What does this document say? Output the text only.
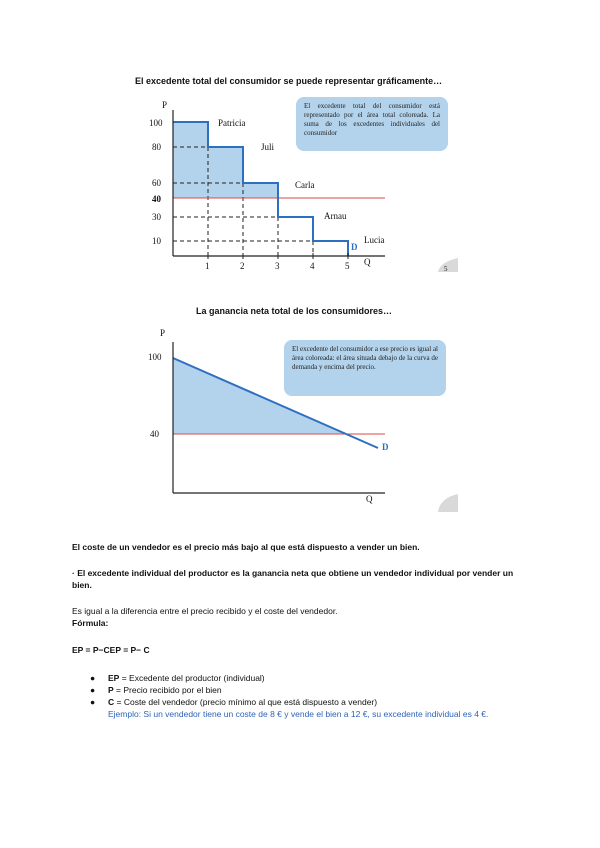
El excedente total del consumidor se puede representar gráficamente…
P
100
80
60
40
30
10
1	2	3	4	5 Q
Patricia
Juli
Carla
Arnau
Lucia
D
El excedente total del consumidor está representado por el área total coloreada. La suma de los excedentes individuales del consumidor
5
La ganancia neta total de los consumidores…
P
100
40
Q
D
El excedente del consumidor a ese precio es igual al área coloreada: el área situada debajo de la curva de demanda y encima del precio.
El coste de un vendedor es el precio más bajo al que está dispuesto a vender un bien.
· El excedente individual del productor es la ganancia neta que obtiene un vendedor individual por vender un bien.
Es igual a la diferencia entre el precio recibido y el coste del vendedor.
Fórmula:
EP = P−CEP = P− C
● EP = Excedente del productor (individual)
● P = Precio recibido por el bien
● C = Coste del vendedor (precio mínimo al que está dispuesto a vender)
Ejemplo: Si un vendedor tiene un coste de 8 € y vende el bien a 12 €, su excedente individual es 4 €.
